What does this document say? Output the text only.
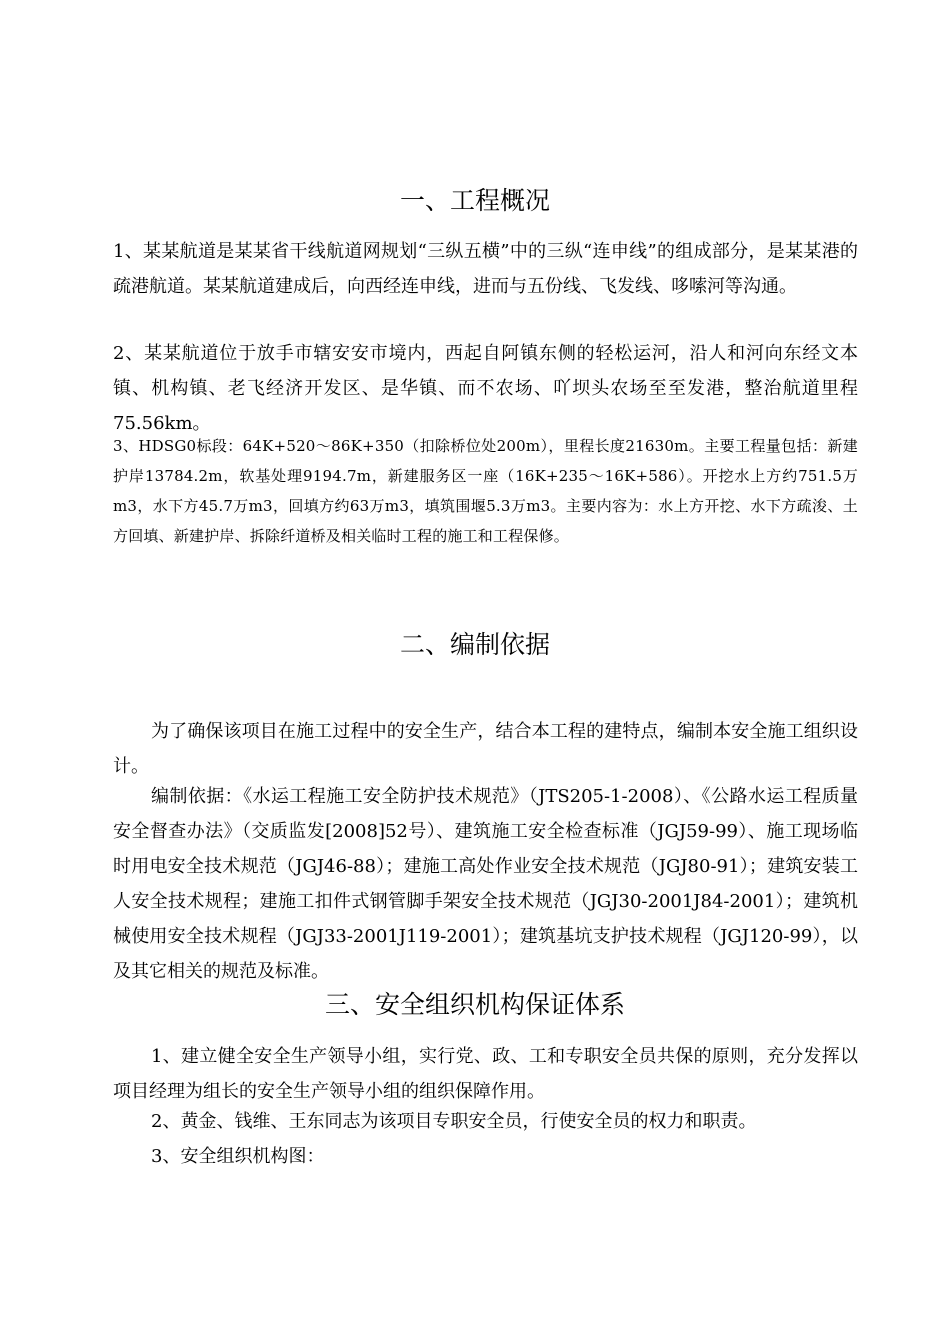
一、工程概况

1、某某航道是某某省干线航道网规划“三纵五横”中的三纵“连申线”的组成部分，是某某港的疏港航道。某某航道建成后，向西经连申线，进而与五份线、飞发线、哆嗦河等沟通。

2、某某航道位于放手市辖安安市境内，西起自阿镇东侧的轻松运河，沿人和河向东经文本镇、机构镇、老飞经济开发区、是华镇、而不农场、吖坝头农场至至发港，整治航道里程75.56km。

3、HDSG0标段：64K+520～86K+350（扣除桥位处200m），里程长度21630m。主要工程量包括：新建护岸13784.2m，软基处理9194.7m，新建服务区一座（16K+235～16K+586）。开挖水上方约751.5万m3，水下方45.7万m3，回填方约63万m3，填筑围堰5.3万m3。主要内容为：水上方开挖、水下方疏浚、土方回填、新建护岸、拆除纤道桥及相关临时工程的施工和工程保修。

二、编制依据

为了确保该项目在施工过程中的安全生产，结合本工程的建特点，编制本安全施工组织设计。

编制依据：《水运工程施工安全防护技术规范》（JTS205-1-2008）、《公路水运工程质量安全督查办法》（交质监发[2008]52号）、建筑施工安全检查标准（JGJ59-99）、施工现场临时用电安全技术规范（JGJ46-88）；建施工高处作业安全技术规范（JGJ80-91）；建筑安装工人安全技术规程；建施工扣件式钢管脚手架安全技术规范（JGJ30-2001J84-2001）；建筑机械使用安全技术规程（JGJ33-2001J119-2001）；建筑基坑支护技术规程（JGJ120-99），以及其它相关的规范及标准。

三、安全组织机构保证体系

1、建立健全安全生产领导小组，实行党、政、工和专职安全员共保的原则，充分发挥以项目经理为组长的安全生产领导小组的组织保障作用。

2、黄金、钱维、王东同志为该项目专职安全员，行使安全员的权力和职责。

3、安全组织机构图：
